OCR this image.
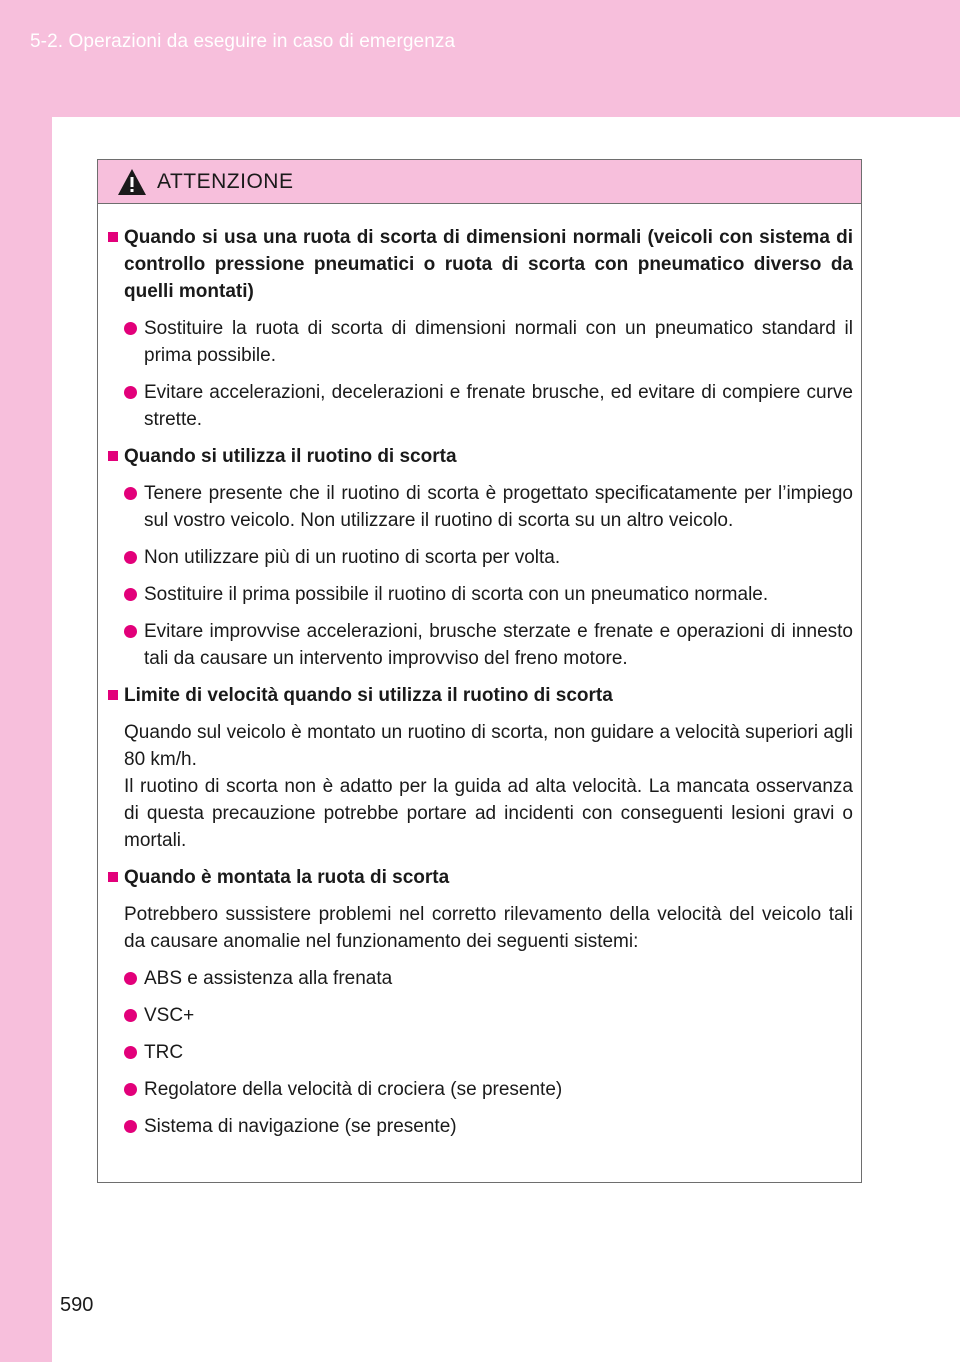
5-2. Operazioni da eseguire in caso di emergenza
ATTENZIONE
Quando si usa una ruota di scorta di dimensioni normali (veicoli con sistema di controllo pressione pneumatici o ruota di scorta con pneumatico diverso da quelli montati)
Sostituire la ruota di scorta di dimensioni normali con un pneumatico standard il prima possibile.
Evitare accelerazioni, decelerazioni e frenate brusche, ed evitare di compiere curve strette.
Quando si utilizza il ruotino di scorta
Tenere presente che il ruotino di scorta è progettato specificatamente per l’impiego sul vostro veicolo. Non utilizzare il ruotino di scorta su un altro veicolo.
Non utilizzare più di un ruotino di scorta per volta.
Sostituire il prima possibile il ruotino di scorta con un pneumatico normale.
Evitare improvvise accelerazioni, brusche sterzate e frenate e operazioni di innesto tali da causare un intervento improvviso del freno motore.
Limite di velocità quando si utilizza il ruotino di scorta
Quando sul veicolo è montato un ruotino di scorta, non guidare a velocità superiori agli 80 km/h.
Il ruotino di scorta non è adatto per la guida ad alta velocità. La mancata osservanza di questa precauzione potrebbe portare ad incidenti con conseguenti lesioni gravi o mortali.
Quando è montata la ruota di scorta
Potrebbero sussistere problemi nel corretto rilevamento della velocità del veicolo tali da causare anomalie nel funzionamento dei seguenti sistemi:
ABS e assistenza alla frenata
VSC+
TRC
Regolatore della velocità di crociera (se presente)
Sistema di navigazione (se presente)
590
carmanualsonline.info
